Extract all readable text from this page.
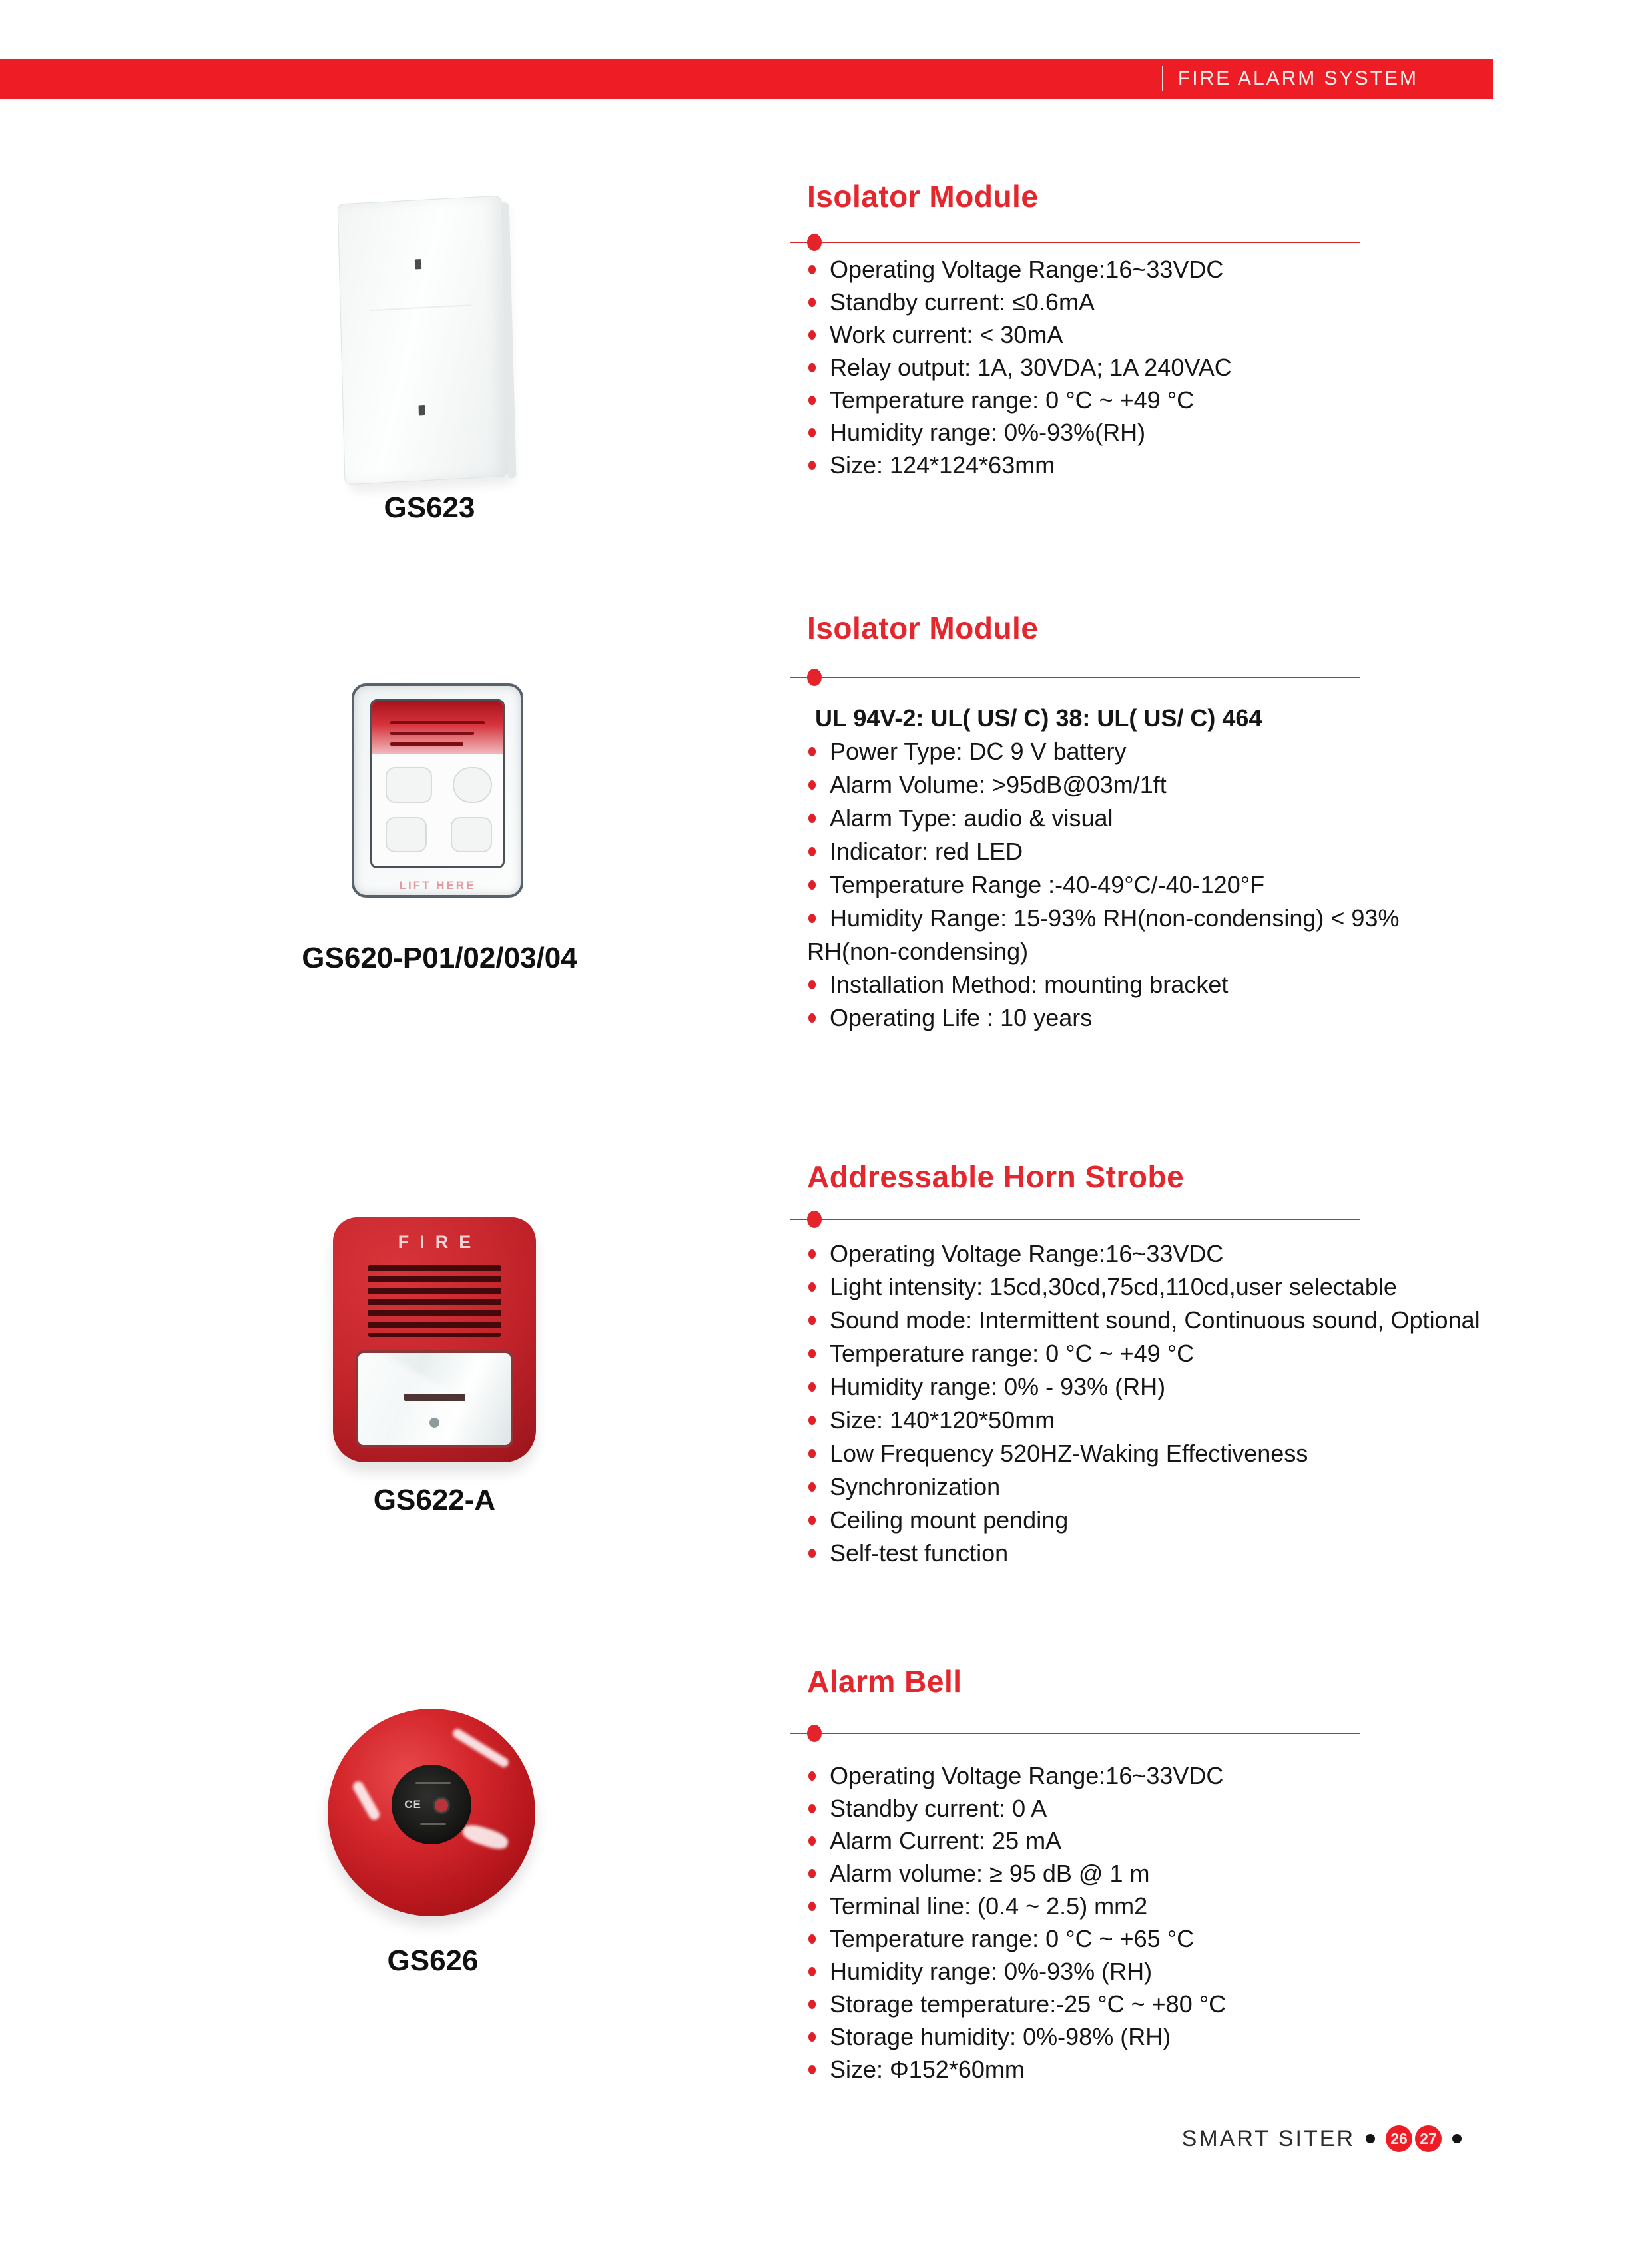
FIRE ALARM SYSTEM
GS623
Isolator Module
Operating Voltage Range:16~33VDC
Standby current: ≤0.6mA
Work current: < 30mA
Relay output: 1A, 30VDA; 1A 240VAC
Temperature range: 0 °C ~ +49 °C
Humidity range: 0%-93%(RH)
Size: 124*124*63mm
LIFT HERE
GS620-P01/02/03/04
Isolator Module
UL 94V-2: UL( US/ C) 38: UL( US/ C) 464
Power Type: DC 9 V battery
Alarm Volume: >95dB@03m/1ft
Alarm Type: audio & visual
Indicator: red LED
Temperature Range :-40-49°C/-40-120°F
Humidity Range: 15-93% RH(non-condensing) < 93%
RH(non-condensing)
Installation Method: mounting bracket
Operating Life : 10 years
FIRE
GS622-A
Addressable Horn Strobe
Operating Voltage Range:16~33VDC
Light intensity: 15cd,30cd,75cd,110cd,user selectable
Sound mode: Intermittent sound, Continuous sound, Optional
Temperature range: 0 °C ~ +49 °C
Humidity range: 0% - 93% (RH)
Size: 140*120*50mm
Low Frequency 520HZ-Waking Effectiveness
Synchronization
Ceiling mount pending
Self-test function
CE
GS626
Alarm Bell
Operating Voltage Range:16~33VDC
Standby current: 0 A
Alarm Current: 25 mA
Alarm volume: ≥ 95 dB @ 1 m
Terminal line: (0.4 ~ 2.5) mm2
Temperature range: 0 °C ~ +65 °C
Humidity range: 0%-93% (RH)
Storage temperature:-25 °C ~ +80 °C
Storage humidity: 0%-98% (RH)
Size: Φ152*60mm
SMART SITER	26 27
